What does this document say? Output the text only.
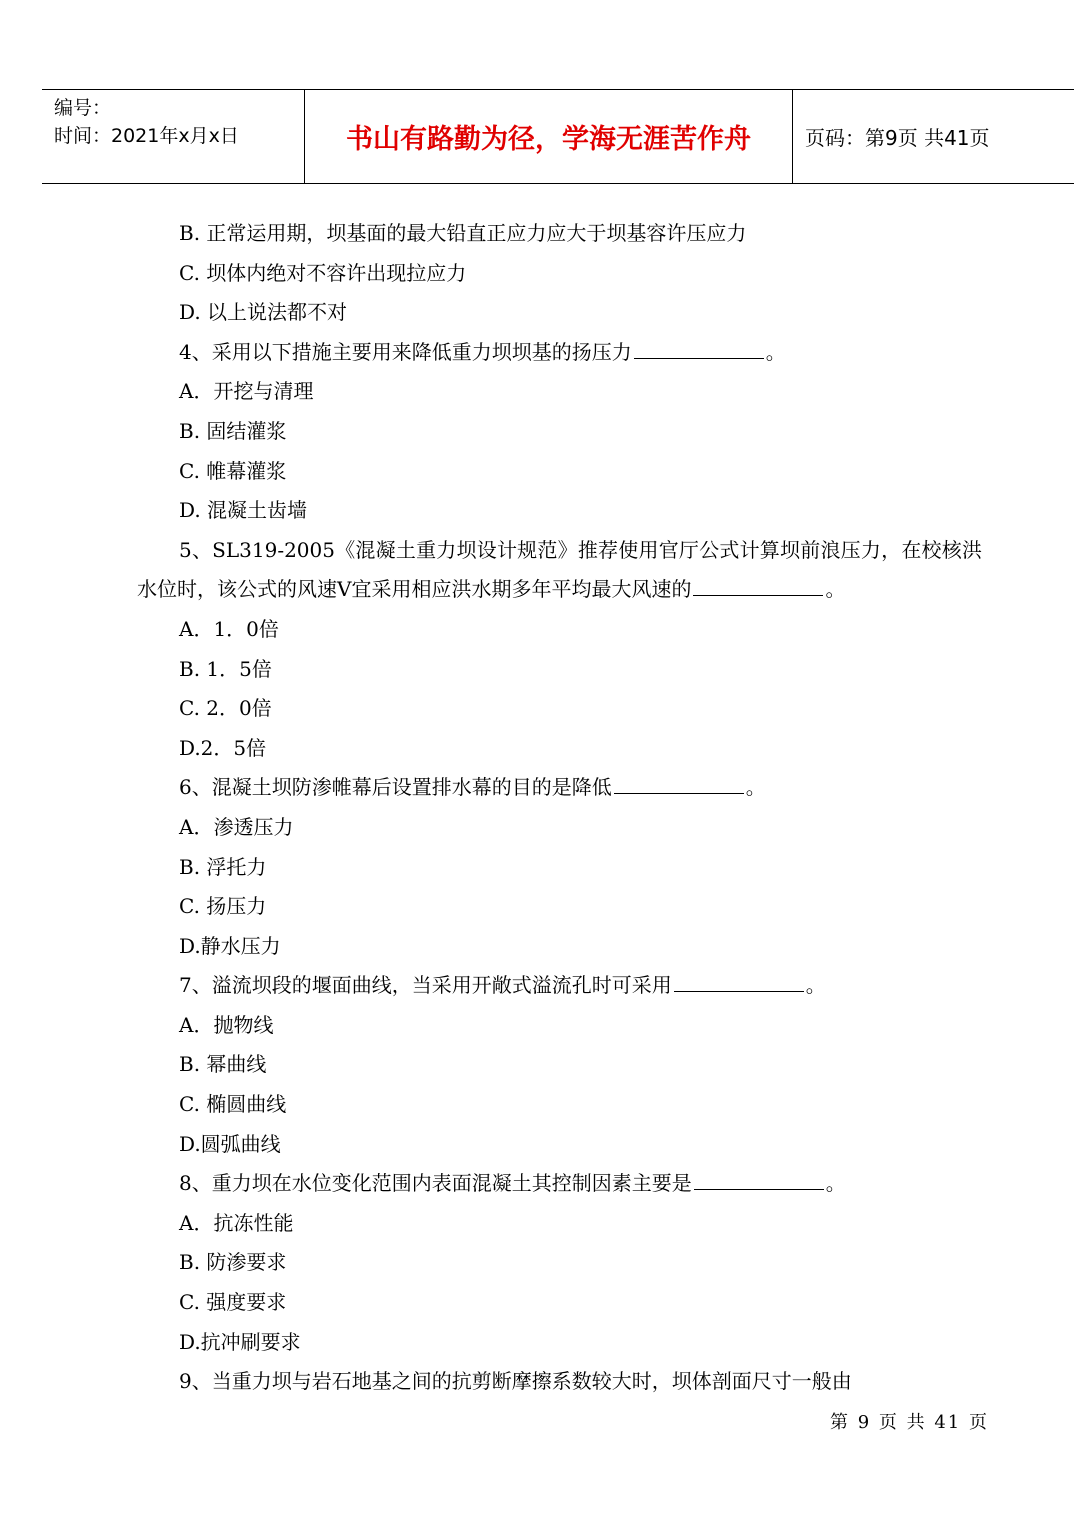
编号：
时间：2021年x月x日	书山有路勤为径，学海无涯苦作舟	页码：第9页 共41页
B. 正常运用期，坝基面的最大铅直正应力应大于坝基容许压应力
C. 坝体内绝对不容许出现拉应力
D. 以上说法都不对
4、采用以下措施主要用来降低重力坝坝基的扬压力	。
A．开挖与清理
B. 固结灌浆
C. 帷幕灌浆
D. 混凝土齿墙
5、SL319-2005《混凝土重力坝设计规范》推荐使用官厅公式计算坝前浪压力，在校核洪水位时，该公式的风速V宜采用相应洪水期多年平均最大风速的	。
A．1．0倍
B. 1．5倍
C. 2．0倍
D.2．5倍
6、混凝土坝防渗帷幕后设置排水幕的目的是降低	。
A．渗透压力
B. 浮托力
C. 扬压力
D.静水压力
7、溢流坝段的堰面曲线，当采用开敞式溢流孔时可采用	。
A．抛物线
B. 幂曲线
C. 椭圆曲线
D.圆弧曲线
8、重力坝在水位变化范围内表面混凝土其控制因素主要是	。
A．抗冻性能
B. 防渗要求
C. 强度要求
D.抗冲刷要求
9、当重力坝与岩石地基之间的抗剪断摩擦系数较大时，坝体剖面尺寸一般由
第 9 页 共 41 页
